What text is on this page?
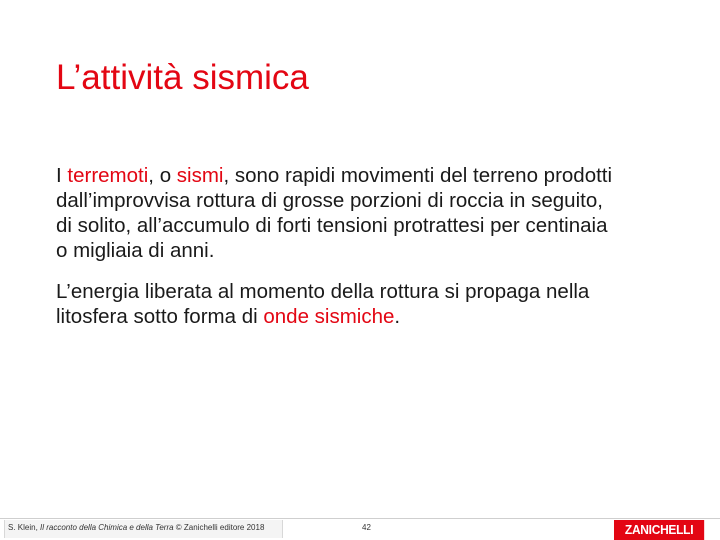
L’attività sismica

I terremoti, o sismi, sono rapidi movimenti del terreno prodotti dall’improvvisa rottura di grosse porzioni di roccia in seguito, di solito, all’accumulo di forti tensioni protrattesi per centinaia o migliaia di anni.

L’energia liberata al momento della rottura si propaga nella litosfera sotto forma di onde sismiche.

S. Klein, Il racconto della Chimica e della Terra © Zanichelli editore 2018	42	ZANICHELLI
